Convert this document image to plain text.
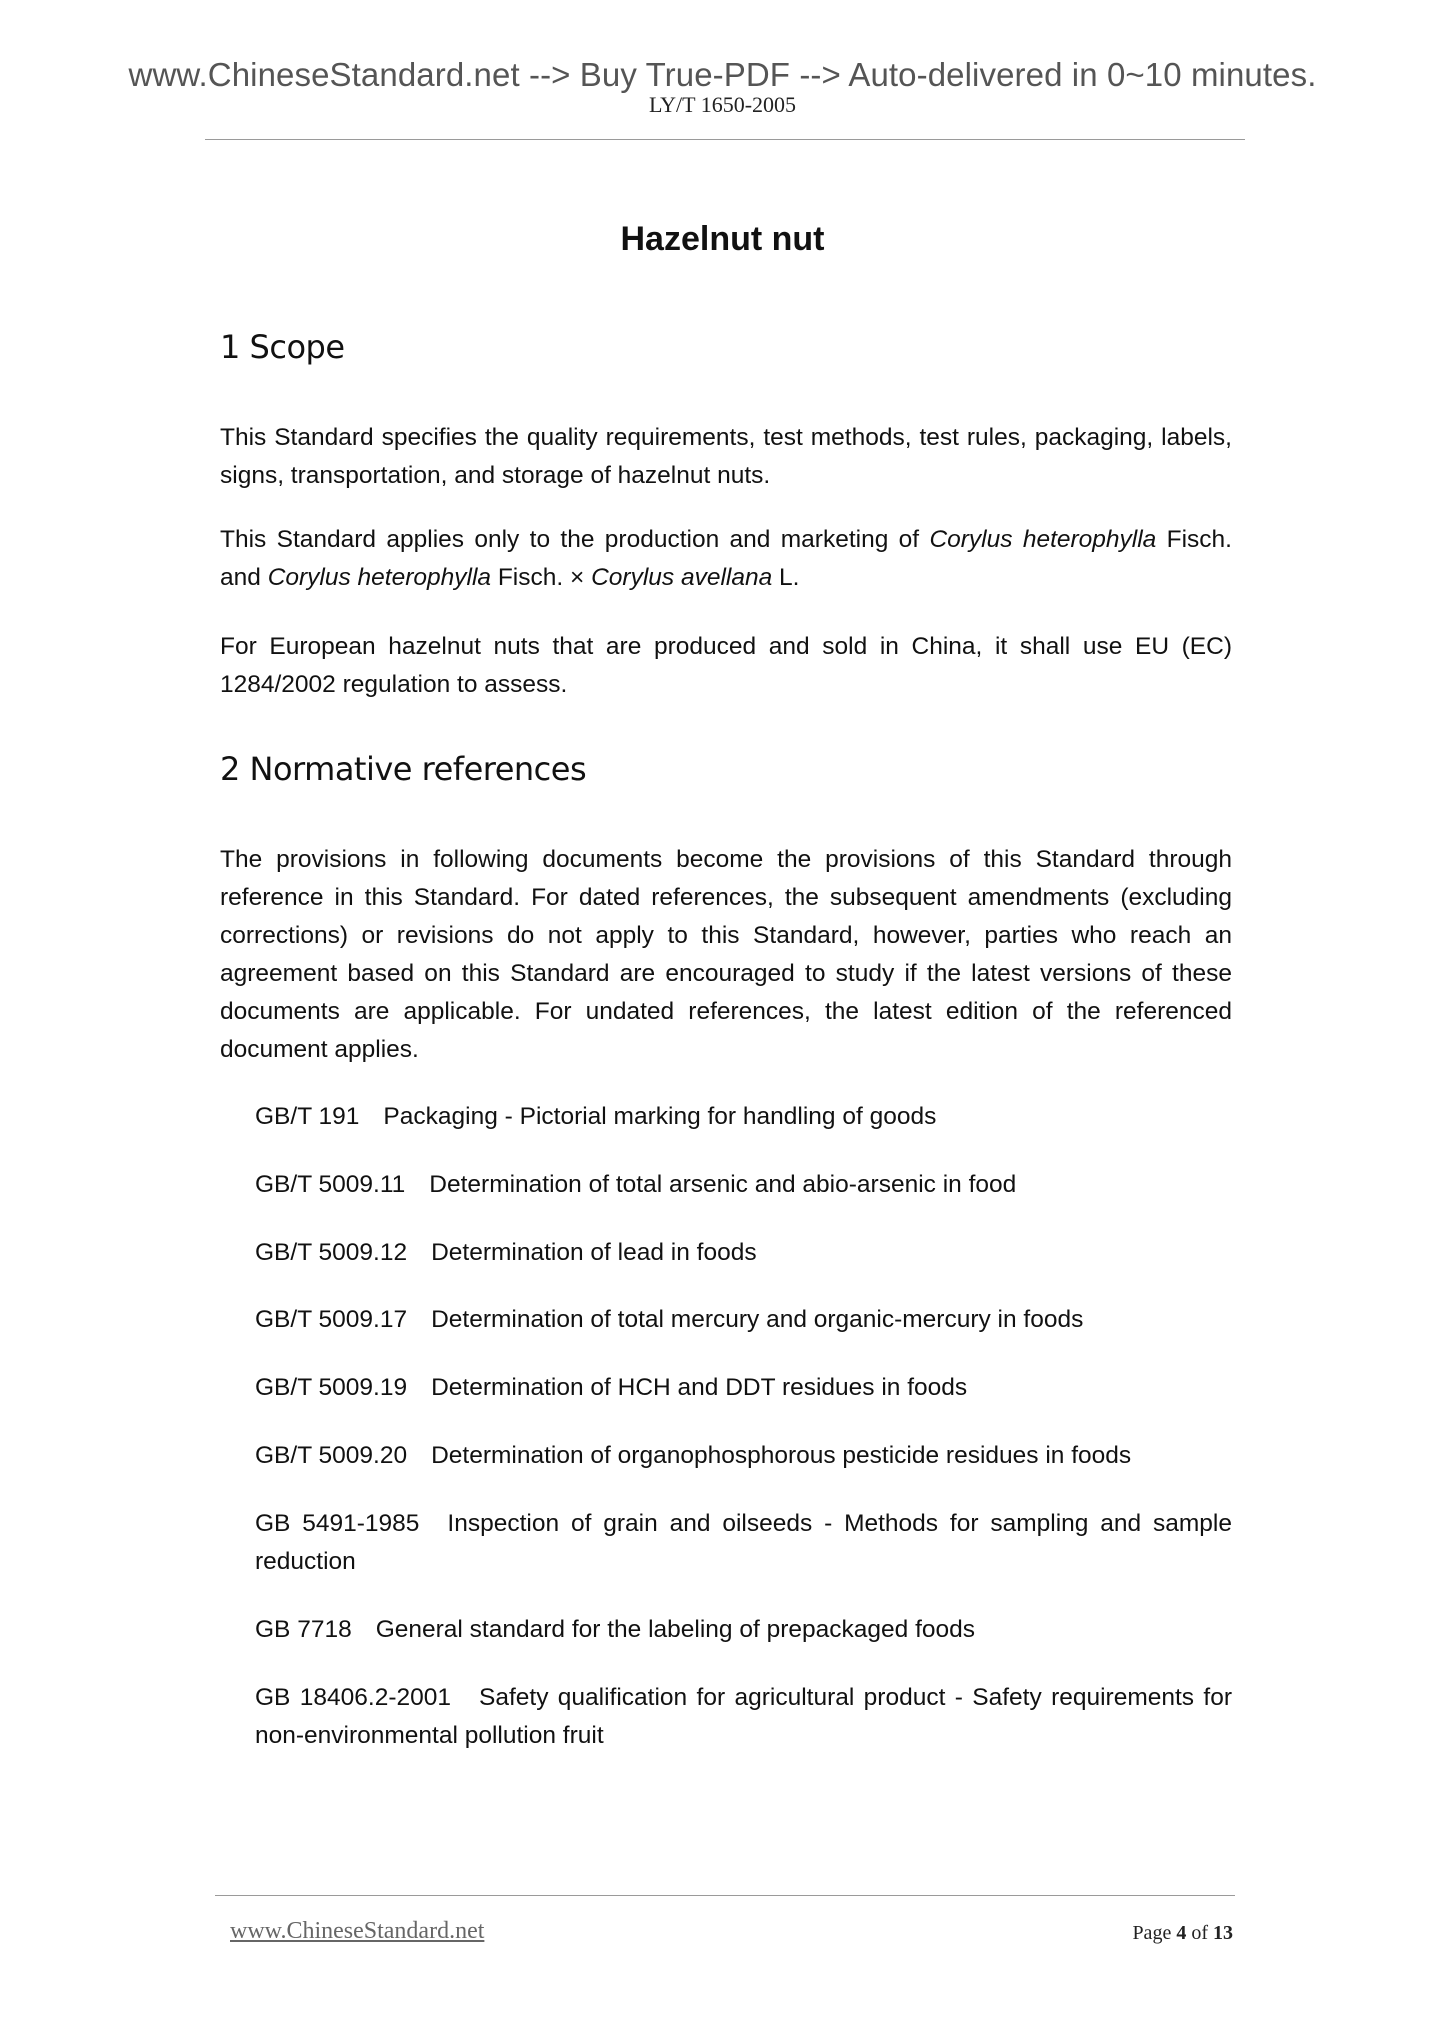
www.ChineseStandard.net --> Buy True-PDF --> Auto-delivered in 0~10 minutes.
LY/T 1650-2005
Hazelnut nut
1 Scope
This Standard specifies the quality requirements, test methods, test rules, packaging, labels, signs, transportation, and storage of hazelnut nuts.
This Standard applies only to the production and marketing of Corylus heterophylla Fisch. and Corylus heterophylla Fisch. × Corylus avellana L.
For European hazelnut nuts that are produced and sold in China, it shall use EU (EC) 1284/2002 regulation to assess.
2 Normative references
The provisions in following documents become the provisions of this Standard through reference in this Standard. For dated references, the subsequent amendments (excluding corrections) or revisions do not apply to this Standard, however, parties who reach an agreement based on this Standard are encouraged to study if the latest versions of these documents are applicable. For undated references, the latest edition of the referenced document applies.
GB/T 191 Packaging - Pictorial marking for handling of goods
GB/T 5009.11 Determination of total arsenic and abio-arsenic in food
GB/T 5009.12 Determination of lead in foods
GB/T 5009.17 Determination of total mercury and organic-mercury in foods
GB/T 5009.19 Determination of HCH and DDT residues in foods
GB/T 5009.20 Determination of organophosphorous pesticide residues in foods
GB 5491-1985 Inspection of grain and oilseeds - Methods for sampling and sample reduction
GB 7718 General standard for the labeling of prepackaged foods
GB 18406.2-2001 Safety qualification for agricultural product - Safety requirements for non-environmental pollution fruit
www.ChineseStandard.net	Page 4 of 13
